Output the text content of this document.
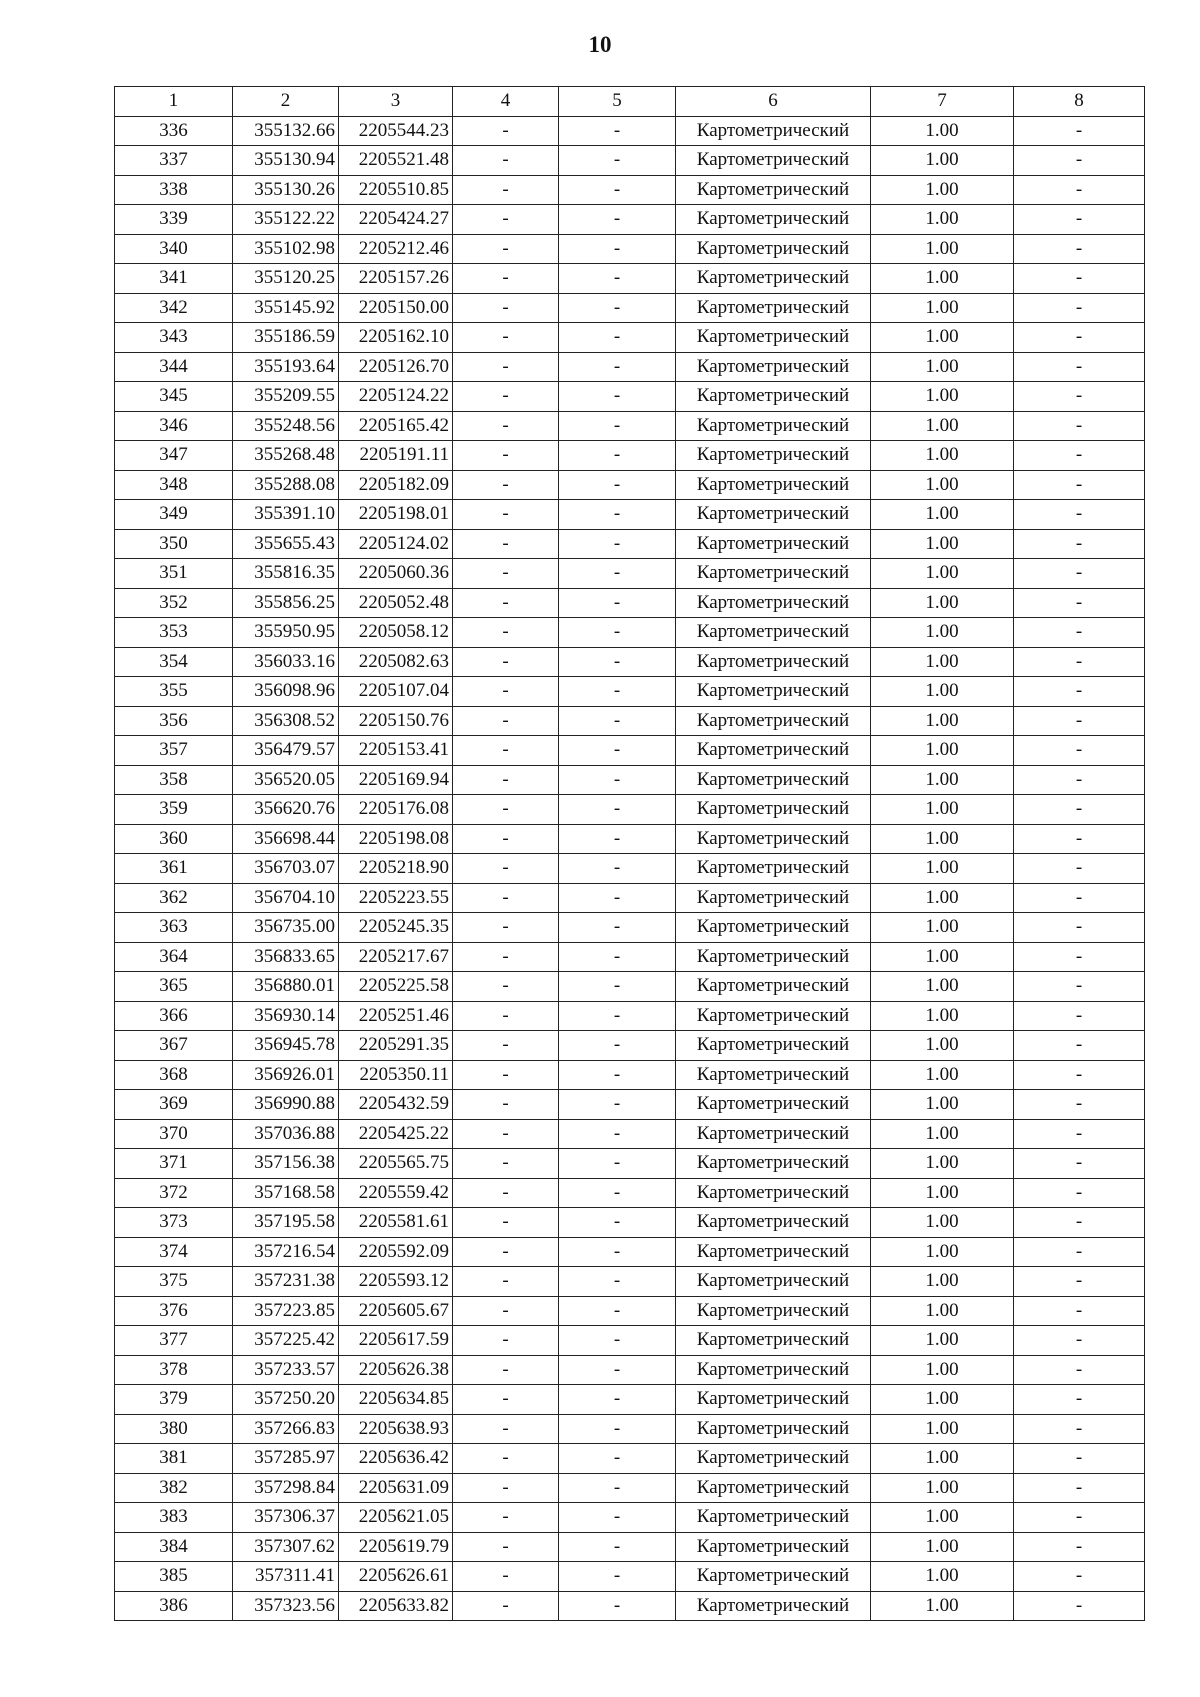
10
1	2	3	4	5	6	7	8
336	355132.66	2205544.23	-	-	Картометрический	1.00	-
337	355130.94	2205521.48	-	-	Картометрический	1.00	-
338	355130.26	2205510.85	-	-	Картометрический	1.00	-
339	355122.22	2205424.27	-	-	Картометрический	1.00	-
340	355102.98	2205212.46	-	-	Картометрический	1.00	-
341	355120.25	2205157.26	-	-	Картометрический	1.00	-
342	355145.92	2205150.00	-	-	Картометрический	1.00	-
343	355186.59	2205162.10	-	-	Картометрический	1.00	-
344	355193.64	2205126.70	-	-	Картометрический	1.00	-
345	355209.55	2205124.22	-	-	Картометрический	1.00	-
346	355248.56	2205165.42	-	-	Картометрический	1.00	-
347	355268.48	2205191.11	-	-	Картометрический	1.00	-
348	355288.08	2205182.09	-	-	Картометрический	1.00	-
349	355391.10	2205198.01	-	-	Картометрический	1.00	-
350	355655.43	2205124.02	-	-	Картометрический	1.00	-
351	355816.35	2205060.36	-	-	Картометрический	1.00	-
352	355856.25	2205052.48	-	-	Картометрический	1.00	-
353	355950.95	2205058.12	-	-	Картометрический	1.00	-
354	356033.16	2205082.63	-	-	Картометрический	1.00	-
355	356098.96	2205107.04	-	-	Картометрический	1.00	-
356	356308.52	2205150.76	-	-	Картометрический	1.00	-
357	356479.57	2205153.41	-	-	Картометрический	1.00	-
358	356520.05	2205169.94	-	-	Картометрический	1.00	-
359	356620.76	2205176.08	-	-	Картометрический	1.00	-
360	356698.44	2205198.08	-	-	Картометрический	1.00	-
361	356703.07	2205218.90	-	-	Картометрический	1.00	-
362	356704.10	2205223.55	-	-	Картометрический	1.00	-
363	356735.00	2205245.35	-	-	Картометрический	1.00	-
364	356833.65	2205217.67	-	-	Картометрический	1.00	-
365	356880.01	2205225.58	-	-	Картометрический	1.00	-
366	356930.14	2205251.46	-	-	Картометрический	1.00	-
367	356945.78	2205291.35	-	-	Картометрический	1.00	-
368	356926.01	2205350.11	-	-	Картометрический	1.00	-
369	356990.88	2205432.59	-	-	Картометрический	1.00	-
370	357036.88	2205425.22	-	-	Картометрический	1.00	-
371	357156.38	2205565.75	-	-	Картометрический	1.00	-
372	357168.58	2205559.42	-	-	Картометрический	1.00	-
373	357195.58	2205581.61	-	-	Картометрический	1.00	-
374	357216.54	2205592.09	-	-	Картометрический	1.00	-
375	357231.38	2205593.12	-	-	Картометрический	1.00	-
376	357223.85	2205605.67	-	-	Картометрический	1.00	-
377	357225.42	2205617.59	-	-	Картометрический	1.00	-
378	357233.57	2205626.38	-	-	Картометрический	1.00	-
379	357250.20	2205634.85	-	-	Картометрический	1.00	-
380	357266.83	2205638.93	-	-	Картометрический	1.00	-
381	357285.97	2205636.42	-	-	Картометрический	1.00	-
382	357298.84	2205631.09	-	-	Картометрический	1.00	-
383	357306.37	2205621.05	-	-	Картометрический	1.00	-
384	357307.62	2205619.79	-	-	Картометрический	1.00	-
385	357311.41	2205626.61	-	-	Картометрический	1.00	-
386	357323.56	2205633.82	-	-	Картометрический	1.00	-
